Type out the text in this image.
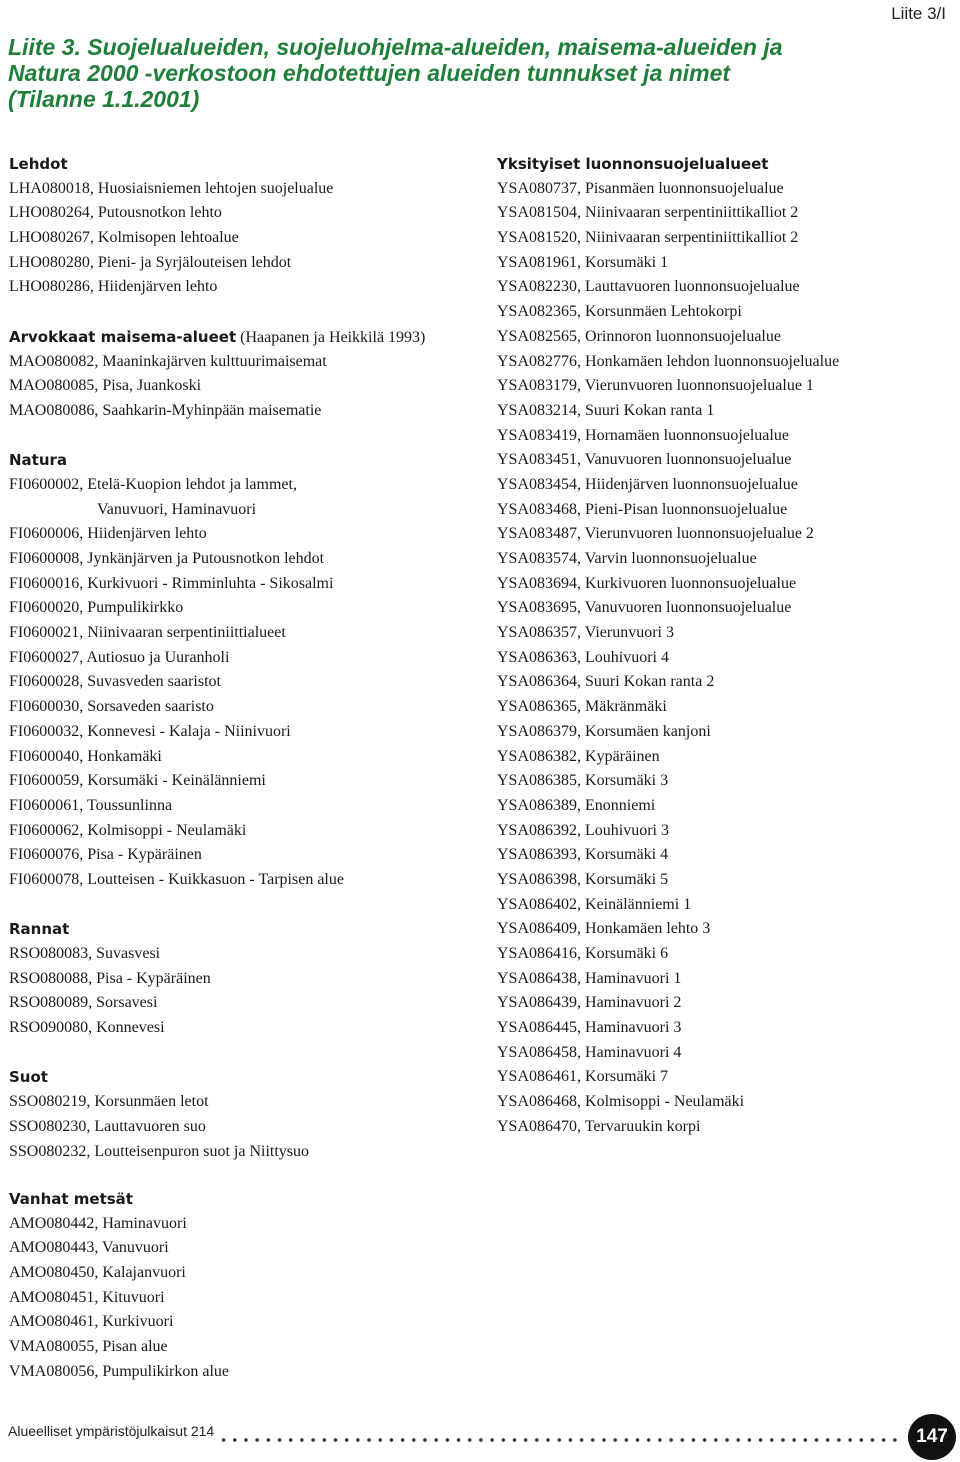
Liite 3/I
Liite 3. Suojelualueiden, suojeluohjelma-alueiden, maisema-alueiden ja
Natura 2000 -verkostoon ehdotettujen alueiden tunnukset ja nimet
(Tilanne 1.1.2001)
Lehdot
LHA080018, Huosiaisniemen lehtojen suojelualue
LHO080264, Putousnotkon lehto
LHO080267, Kolmisopen lehtoalue
LHO080280, Pieni- ja Syrjälouteisen lehdot
LHO080286, Hiidenjärven lehto
Arvokkaat maisema-alueet (Haapanen ja Heikkilä 1993)
MAO080082, Maaninkajärven kulttuurimaisemat
MAO080085, Pisa, Juankoski
MAO080086, Saahkarin-Myhinpään maisematie
Natura
FI0600002, Etelä-Kuopion lehdot ja lammet,
Vanuvuori, Haminavuori
FI0600006, Hiidenjärven lehto
FI0600008, Jynkänjärven ja Putousnotkon lehdot
FI0600016, Kurkivuori - Rimminluhta - Sikosalmi
FI0600020, Pumpulikirkko
FI0600021, Niinivaaran serpentiniittialueet
FI0600027, Autiosuo ja Uuranholi
FI0600028, Suvasveden saaristot
FI0600030, Sorsaveden saaristo
FI0600032, Konnevesi - Kalaja - Niinivuori
FI0600040, Honkamäki
FI0600059, Korsumäki - Keinälänniemi
FI0600061, Toussunlinna
FI0600062, Kolmisoppi - Neulamäki
FI0600076, Pisa - Kypäräinen
FI0600078, Loutteisen - Kuikkasuon - Tarpisen alue
Rannat
RSO080083, Suvasvesi
RSO080088, Pisa - Kypäräinen
RSO080089, Sorsavesi
RSO090080, Konnevesi
Suot
SSO080219, Korsunmäen letot
SSO080230, Lauttavuoren suo
SSO080232, Loutteisenpuron suot ja Niittysuo
Yksityiset luonnonsuojelualueet
YSA080737, Pisanmäen luonnonsuojelualue
YSA081504, Niinivaaran serpentiniittikalliot 2
YSA081520, Niinivaaran serpentiniittikalliot 2
YSA081961, Korsumäki 1
YSA082230, Lauttavuoren luonnonsuojelualue
YSA082365, Korsunmäen Lehtokorpi
YSA082565, Orinnoron luonnonsuojelualue
YSA082776, Honkamäen lehdon luonnonsuojelualue
YSA083179, Vierunvuoren luonnonsuojelualue 1
YSA083214, Suuri Kokan ranta 1
YSA083419, Hornamäen luonnonsuojelualue
YSA083451, Vanuvuoren luonnonsuojelualue
YSA083454, Hiidenjärven luonnonsuojelualue
YSA083468, Pieni-Pisan luonnonsuojelualue
YSA083487, Vierunvuoren luonnonsuojelualue 2
YSA083574, Varvin luonnonsuojelualue
YSA083694, Kurkivuoren luonnonsuojelualue
YSA083695, Vanuvuoren luonnonsuojelualue
YSA086357, Vierunvuori 3
YSA086363, Louhivuori 4
YSA086364, Suuri Kokan ranta 2
YSA086365, Mäkränmäki
YSA086379, Korsumäen kanjoni
YSA086382, Kypäräinen
YSA086385, Korsumäki 3
YSA086389, Enonniemi
YSA086392, Louhivuori 3
YSA086393, Korsumäki 4
YSA086398, Korsumäki 5
YSA086402, Keinälänniemi 1
YSA086409, Honkamäen lehto 3
YSA086416, Korsumäki 6
YSA086438, Haminavuori 1
YSA086439, Haminavuori 2
YSA086445, Haminavuori 3
YSA086458, Haminavuori 4
YSA086461, Korsumäki 7
YSA086468, Kolmisoppi - Neulamäki
YSA086470, Tervaruukin korpi
Vanhat metsät
AMO080442, Haminavuori
AMO080443, Vanuvuori
AMO080450, Kalajanvuori
AMO080451, Kituvuori
AMO080461, Kurkivuori
VMA080055, Pisan alue
VMA080056, Pumpulikirkon alue
Alueelliset ympäristöjulkaisut 214	147
